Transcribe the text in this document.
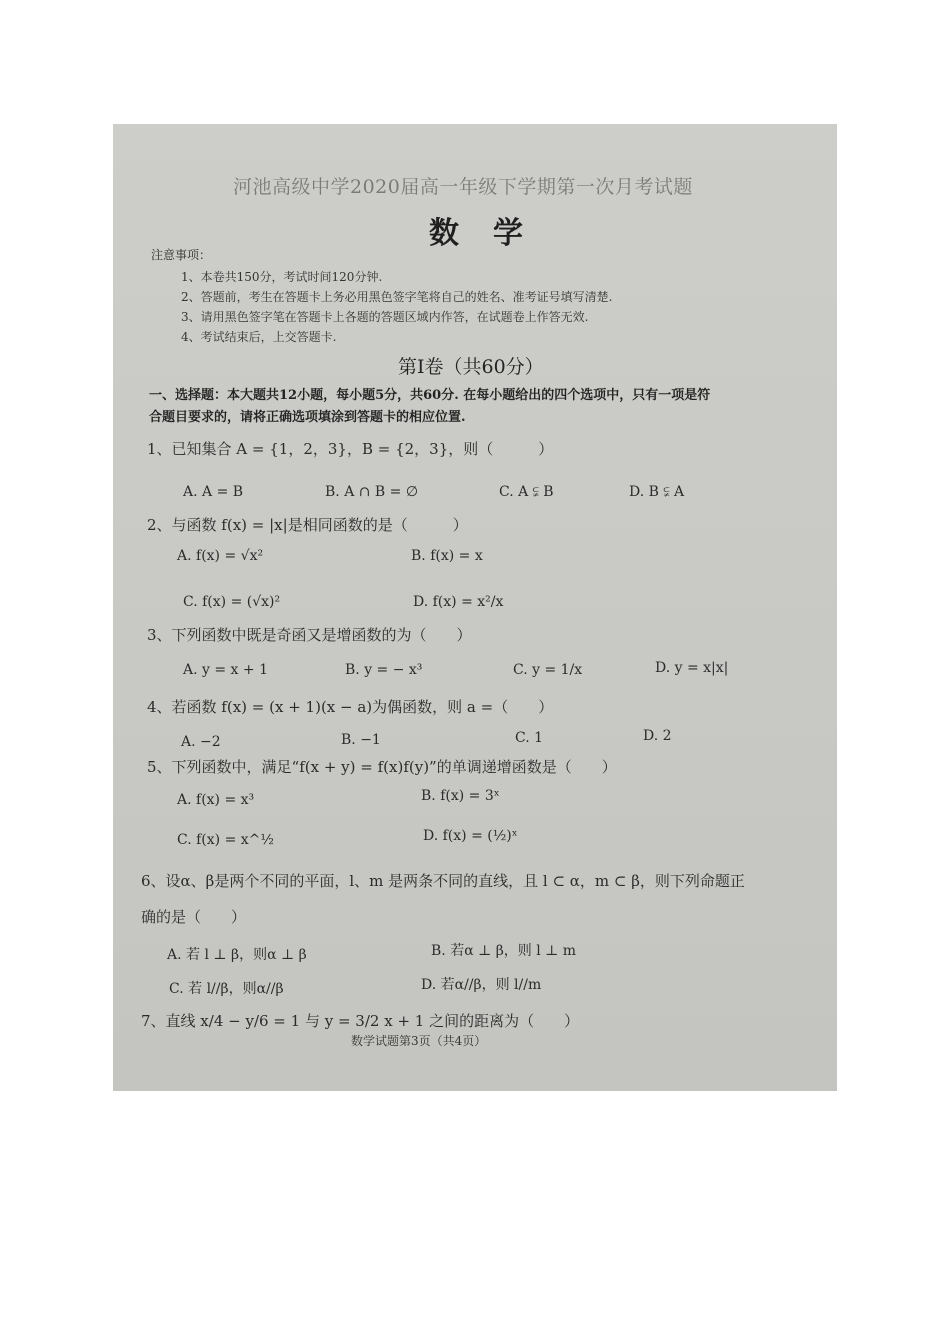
河池高级中学2020届高一年级下学期第一次月考试题
数学
注意事项：
1、本卷共150分，考试时间120分钟.
2、答题前，考生在答题卡上务必用黑色签字笔将自己的姓名、准考证号填写清楚.
3、请用黑色签字笔在答题卡上各题的答题区域内作答，在试题卷上作答无效.
4、考试结束后，上交答题卡.
第Ⅰ卷（共60分）
一、选择题：本大题共12小题，每小题5分，共60分. 在每小题给出的四个选项中，只有一项是符
合题目要求的，请将正确选项填涂到答题卡的相应位置.
1、已知集合 A = {1，2，3}，B = {2，3}，则（　　　）
A. A = B	B. A ∩ B = ∅	C. A ⫋ B	D. B ⫋ A
2、与函数 f(x) = |x|是相同函数的是（　　　）
A. f(x) = √x²	B. f(x) = x
C. f(x) = (√x)²	D. f(x) = x²/x
3、下列函数中既是奇函又是增函数的为（　　）
A. y = x + 1	B. y = − x³	C. y = 1/x	D. y = x|x|
4、若函数 f(x) = (x + 1)(x − a)为偶函数，则 a =（　　）
A. −2	B. −1	C. 1	D. 2
5、下列函数中，满足“f(x + y) = f(x)f(y)”的单调递增函数是（　　）
A. f(x) = x³	B. f(x) = 3ˣ
C. f(x) = x^½	D. f(x) = (½)ˣ
6、设α、β是两个不同的平面，l、m 是两条不同的直线，且 l ⊂ α，m ⊂ β，则下列命题正
确的是（　　）
A. 若 l ⊥ β，则α ⊥ β	B. 若α ⊥ β，则 l ⊥ m
C. 若 l//β，则α//β	D. 若α//β，则 l//m
7、直线 x/4 − y/6 = 1 与 y = 3/2 x + 1 之间的距离为（　　）
数学试题第3页（共4页）
